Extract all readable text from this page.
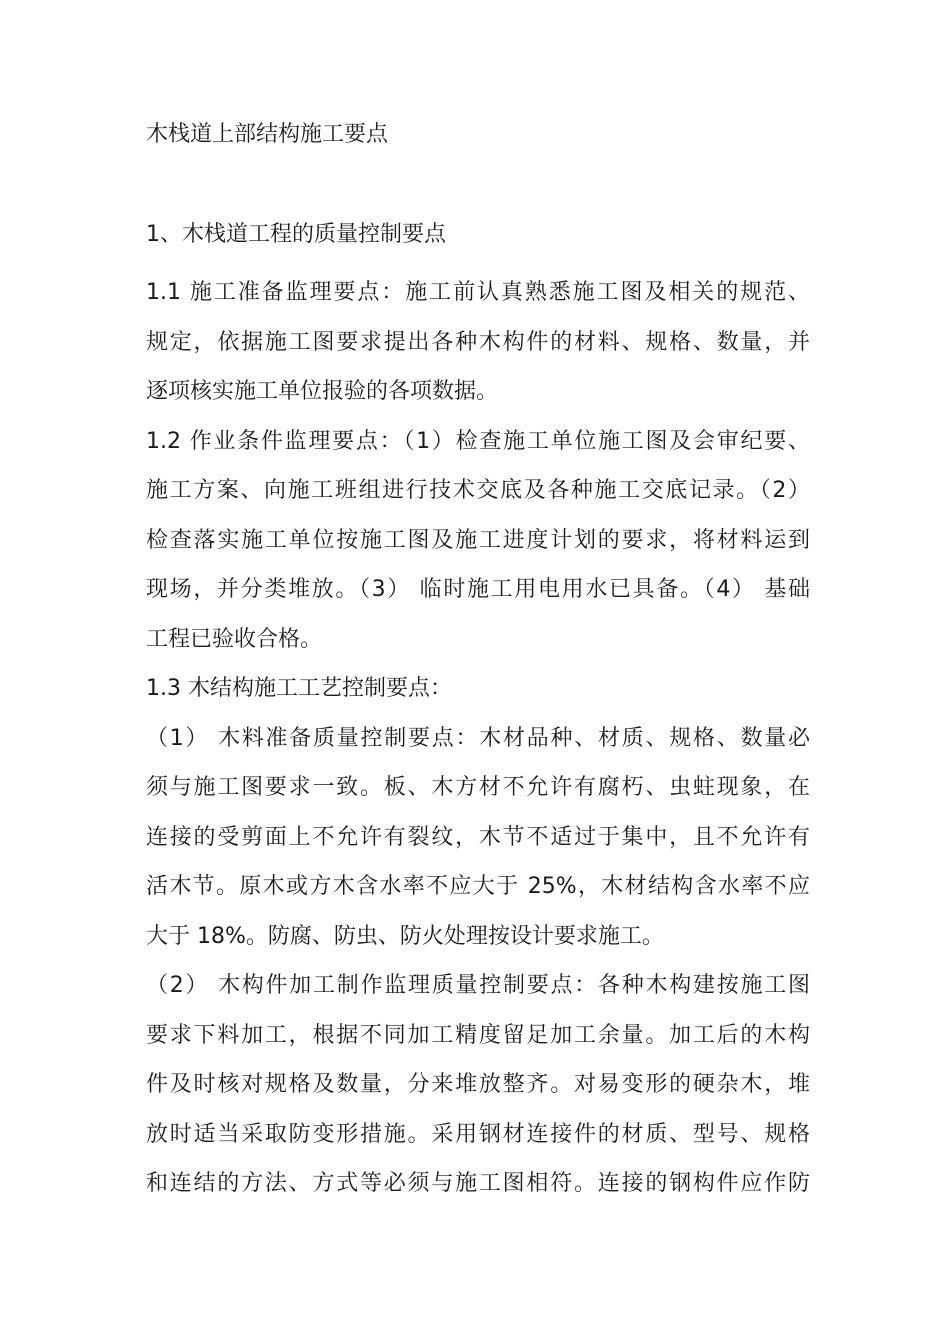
木栈道上部结构施工要点
1、木栈道工程的质量控制要点
1.1 施工准备监理要点：施工前认真熟悉施工图及相关的规范、
规定，依据施工图要求提出各种木构件的材料、规格、数量，并
逐项核实施工单位报验的各项数据。
1.2 作业条件监理要点：（1）检查施工单位施工图及会审纪要、
施工方案、向施工班组进行技术交底及各种施工交底记录。（2）
检查落实施工单位按施工图及施工进度计划的要求，将材料运到
现场，并分类堆放。（3） 临时施工用电用水已具备。（4） 基础
工程已验收合格。
1.3 木结构施工工艺控制要点：
（1） 木料准备质量控制要点：木材品种、材质、规格、数量必
须与施工图要求一致。板、木方材不允许有腐朽、虫蛀现象，在
连接的受剪面上不允许有裂纹，木节不适过于集中，且不允许有
活木节。原木或方木含水率不应大于 25%，木材结构含水率不应
大于 18%。防腐、防虫、防火处理按设计要求施工。
（2） 木构件加工制作监理质量控制要点：各种木构建按施工图
要求下料加工，根据不同加工精度留足加工余量。加工后的木构
件及时核对规格及数量，分来堆放整齐。对易变形的硬杂木，堆
放时适当采取防变形措施。采用钢材连接件的材质、型号、规格
和连结的方法、方式等必须与施工图相符。连接的钢构件应作防
